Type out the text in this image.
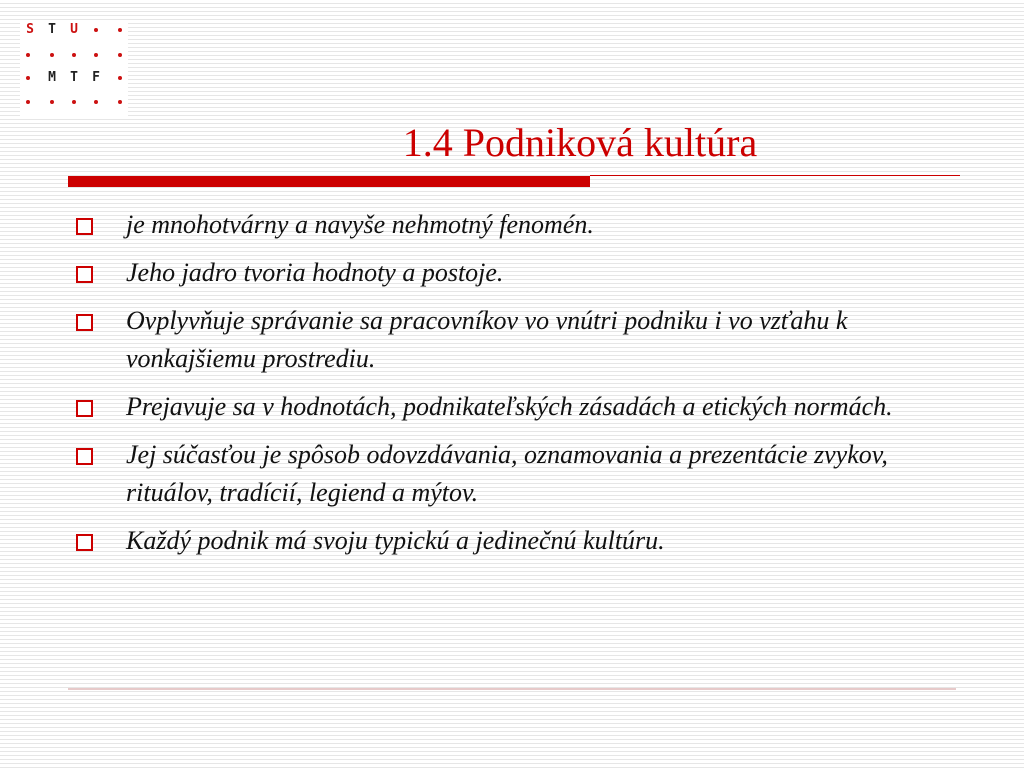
S	T	U
M	T	F
1.4 Podniková kultúra
je mnohotvárny a navyše nehmotný fenomén.
Jeho jadro tvoria hodnoty a postoje.
Ovplyvňuje správanie sa pracovníkov vo vnútri podniku i vo vzťahu k vonkajšiemu prostrediu.
Prejavuje sa v hodnotách, podnikateľských zásadách a etických normách.
Jej súčasťou je spôsob odovzdávania, oznamovania a prezentácie zvykov, rituálov, tradícií, legiend a mýtov.
Každý podnik má svoju typickú a jedinečnú kultúru.
